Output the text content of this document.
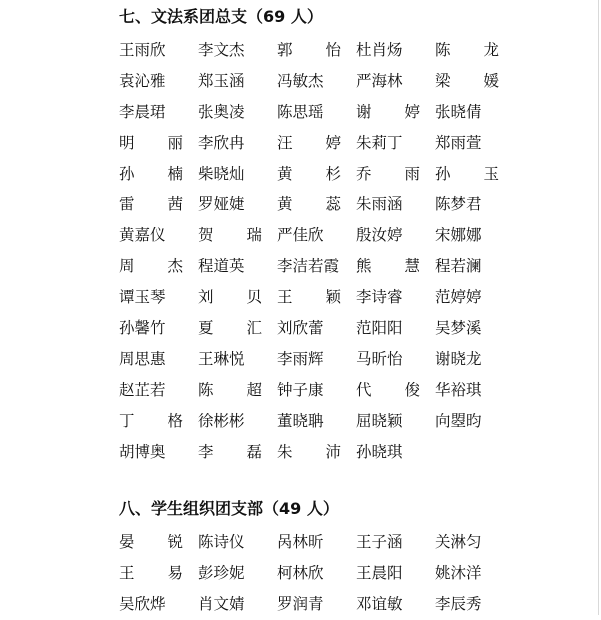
七、文法系团总支 （69 人）
王雨欣	李文杰	郭怡 杜肖炀	陈龙
袁沁雅	郑玉涵	冯敏杰	严海林	梁媛
李晨珺	张奥凌	陈思瑶	谢婷 张晓倩
明丽 李欣冉	汪婷 朱莉丁	郑雨萱
孙楠 柴晓灿	黄杉 乔雨 孙玉
雷茜 罗娅婕	黄蕊 朱雨涵	陈梦君
黄嘉仪	贺瑞 严佳欣	殷汝婷	宋娜娜
周杰 程道英	李洁若霞 熊慧 程若澜
谭玉琴	刘贝 王颖 李诗睿	范婷婷
孙馨竹	夏汇 刘欣蕾	范阳阳	吴梦溪
周思惠	王琳悦	李雨辉	马昕怡	谢晓龙
赵芷若	陈超 钟子康	代俊 华裕琪
丁格 徐彬彬	董晓聃	屈晓颖	向曌昀
胡博奥	李磊 朱沛 孙晓琪
八、学生组织团支部 （49 人）
晏锐 陈诗仪	呙林昕	王子涵	关淋匀
王易 彭珍妮	柯林欣	王晨阳	姚沐洋
吴欣烨	肖文婧	罗润青	邓谊敏	李辰秀
